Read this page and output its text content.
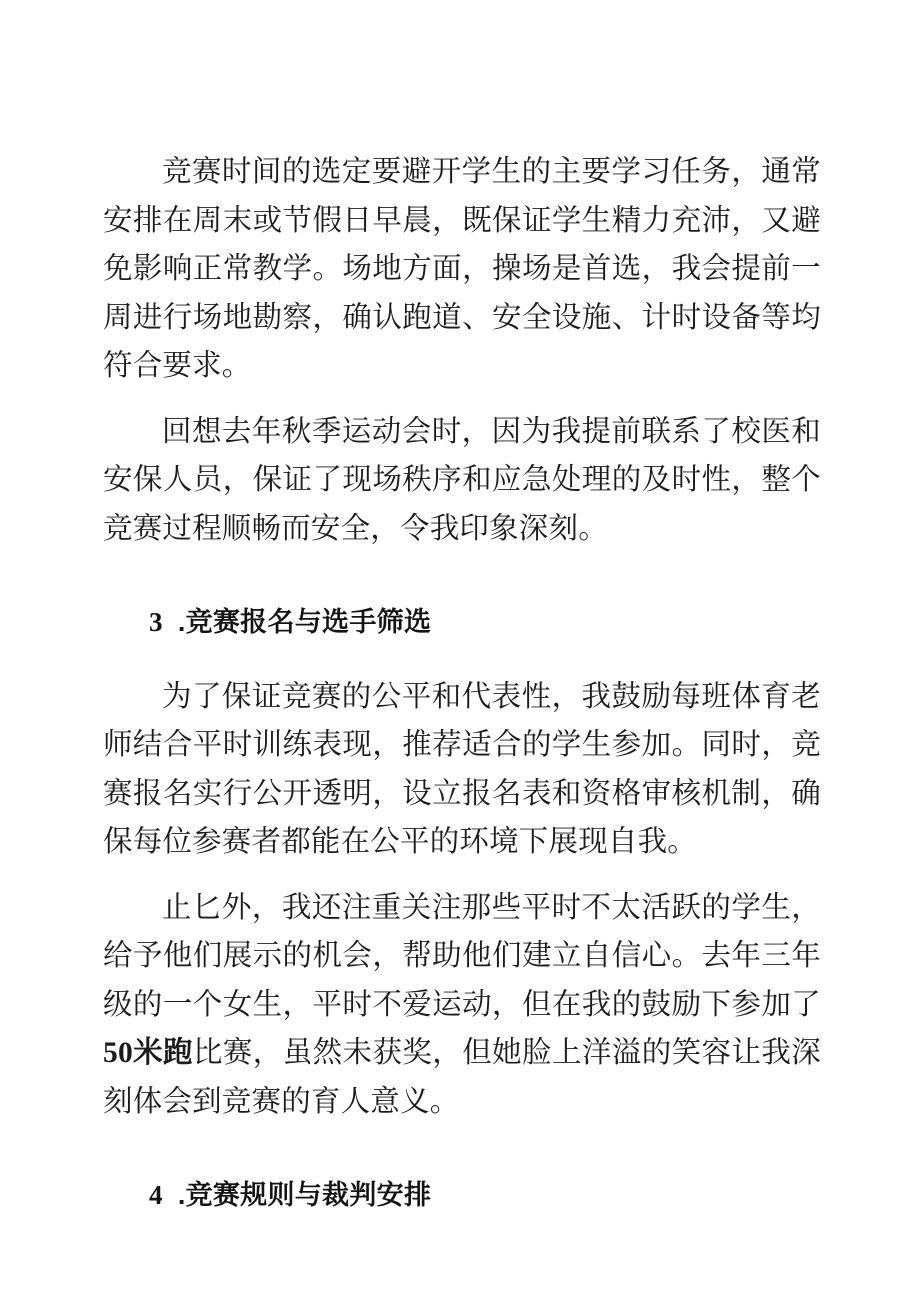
竞赛时间的选定要避开学生的主要学习任务，通常安排在周末或节假日早晨，既保证学生精力充沛，又避免影响正常教学。场地方面，操场是首选，我会提前一周进行场地勘察，确认跑道、安全设施、计时设备等均符合要求。

回想去年秋季运动会时，因为我提前联系了校医和安保人员，保证了现场秩序和应急处理的及时性，整个竞赛过程顺畅而安全，令我印象深刻。

3 .竞赛报名与选手筛选

为了保证竞赛的公平和代表性，我鼓励每班体育老师结合平时训练表现，推荐适合的学生参加。同时，竞赛报名实行公开透明，设立报名表和资格审核机制，确保每位参赛者都能在公平的环境下展现自我。

止匕外，我还注重关注那些平时不太活跃的学生，给予他们展示的机会，帮助他们建立自信心。去年三年级的一个女生，平时不爱运动，但在我的鼓励下参加了50米跑比赛，虽然未获奖，但她脸上洋溢的笑容让我深刻体会到竞赛的育人意义。

4 .竞赛规则与裁判安排
